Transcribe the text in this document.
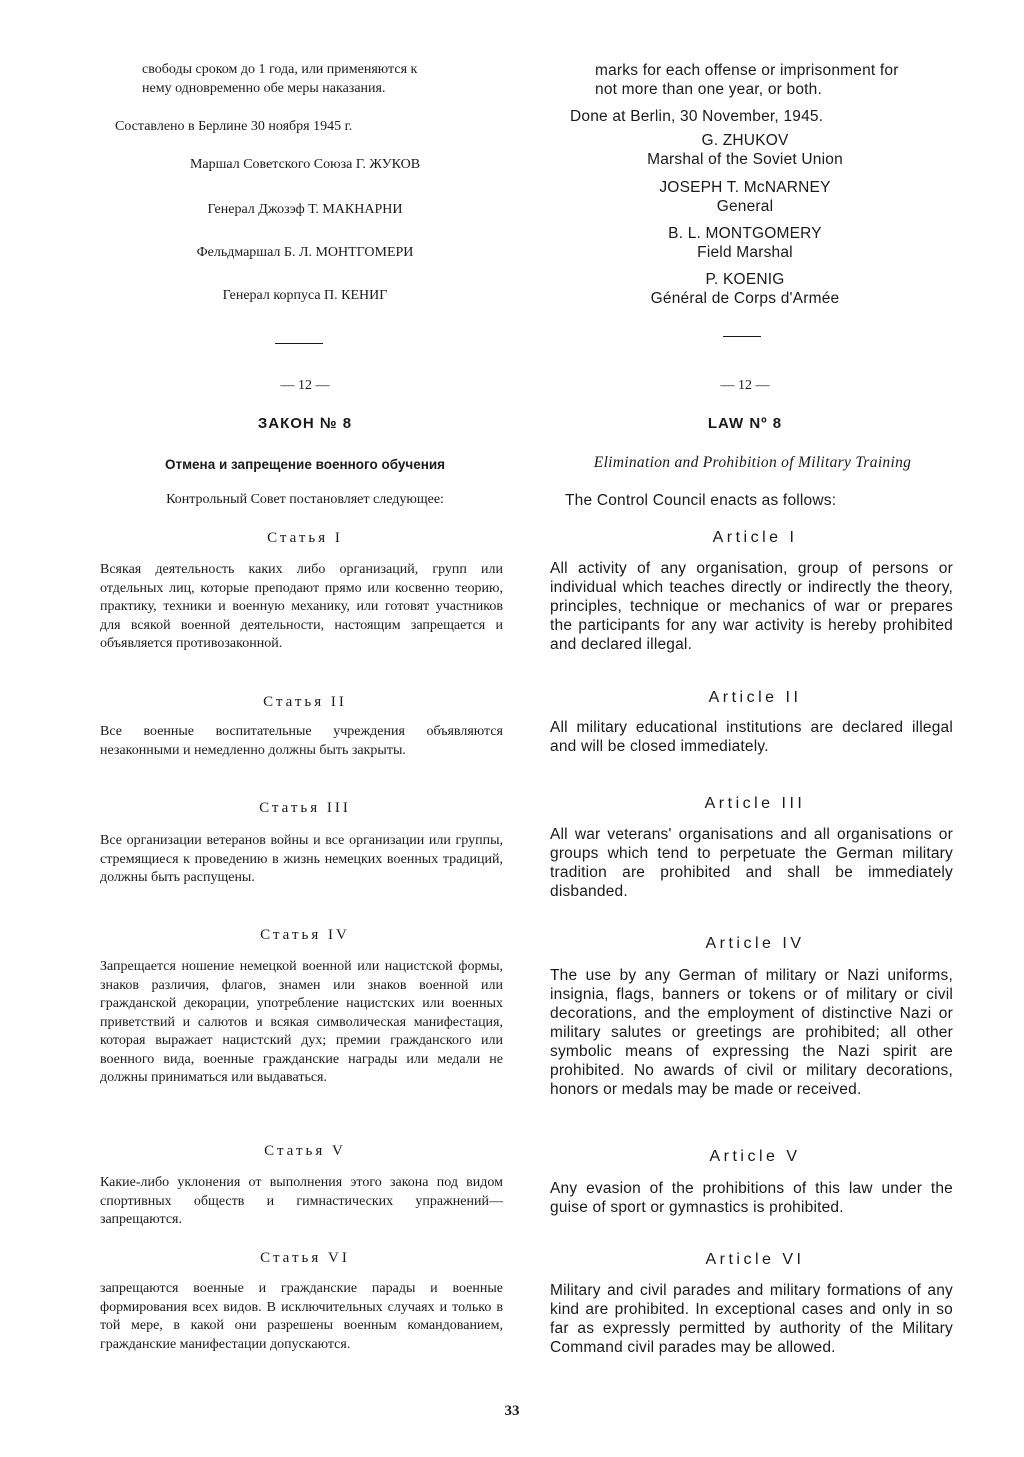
свободы сроком до 1 года, или применяются к

нему одновременно обе меры наказания.

Составлено в Берлине 30 ноября 1945 г.

Маршал Советского Союза Г. ЖУКОВ

Генерал Джозэф Т. МАКНАРНИ

Фельдмаршал Б. Л. МОНТГОМЕРИ

Генерал корпуса П. КЕНИГ

— 12 —

ЗАКОН № 8

Отмена и запрещение военного обучения

Контрольный Совет постановляет следующее:

Статья I

Всякая деятельность каких либо организаций, групп или отдельных лиц, которые преподают прямо или косвенно теорию, практику, техники и военную механику, или готовят участников для всякой военной деятельности, настоящим запрещается и объявляется противозаконной.

Статья II

Все военные воспитательные учреждения объявляются незаконными и немедленно должны быть закрыты.

Статья III

Все организации ветеранов войны и все организации или группы, стремящиеся к проведению в жизнь немецких военных традиций, должны быть распущены.

Статья IV

Запрещается ношение немецкой военной или нацистской формы, знаков различия, флагов, знамен или знаков военной или гражданской декорации, употребление нацистских или военных приветствий и салютов и всякая символическая манифестация, которая выражает нацистский дух; премии гражданского или военного вида, военные гражданские награды или медали не должны приниматься или выдаваться.

Статья V

Какие-либо уклонения от выполнения этого закона под видом спортивных обществ и гимнастических упражнений—запрещаются.

Статья VI

запрещаются военные и гражданские парады и военные формирования всех видов. В исключительных случаях и только в той мере, в какой они разрешены военным командованием, гражданские манифестации допускаются.

marks for each offense or imprisonment for

not more than one year, or both.

Done at Berlin, 30 November, 1945.

G. ZHUKOV
Marshal of the Soviet Union
JOSEPH T. McNARNEY
General
B. L. MONTGOMERY
Field Marshal
P. KOENIG
Général de Corps d'Armée

— 12 —

LAW Nº 8

Elimination and Prohibition of Military Training

The Control Council enacts as follows:

Article I

All activity of any organisation, group of persons or individual which teaches directly or indirectly the theory, principles, technique or mechanics of war or prepares the participants for any war activity is hereby prohibited and declared illegal.

Article II

All military educational institutions are declared illegal and will be closed immediately.

Article III

All war veterans' organisations and all organisations or groups which tend to perpetuate the German military tradition are prohibited and shall be immediately disbanded.

Article IV

The use by any German of military or Nazi uniforms, insignia, flags, banners or tokens or of military or civil decorations, and the employment of distinctive Nazi or military salutes or greetings are prohibited; all other symbolic means of expressing the Nazi spirit are prohibited. No awards of civil or military decorations, honors or medals may be made or received.

Article V

Any evasion of the prohibitions of this law under the guise of sport or gymnastics is prohibited.

Article VI

Military and civil parades and military formations of any kind are prohibited. In exceptional cases and only in so far as expressly permitted by authority of the Military Command civil parades may be allowed.

33
